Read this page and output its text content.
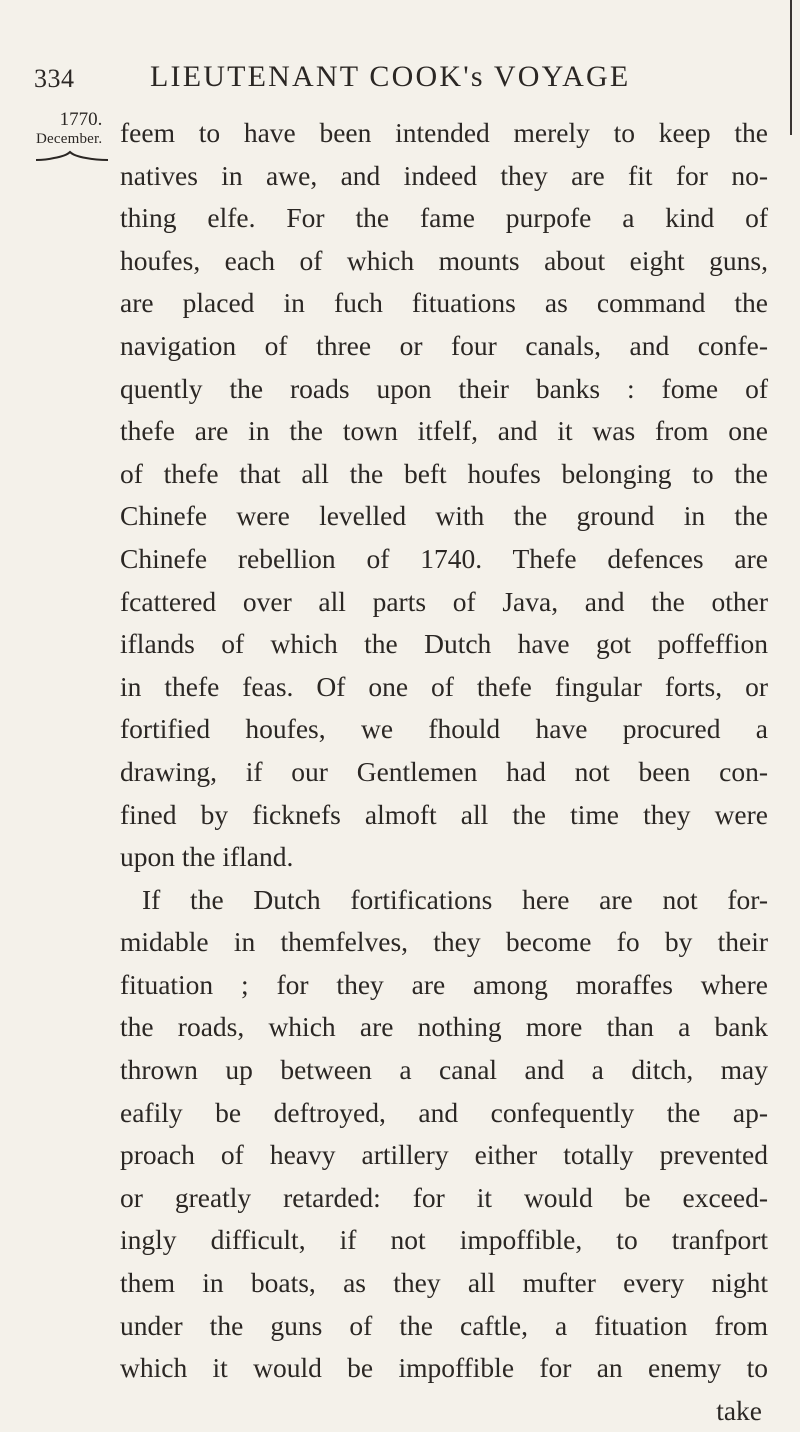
334	LIEUTENANT COOK's VOYAGE
1770.
December. feem to have been intended merely to keep the
natives in awe, and indeed they are fit for no-
thing elfe. For the fame purpofe a kind of
houfes, each of which mounts about eight guns,
are placed in fuch fituations as command the
navigation of three or four canals, and confe-
quently the roads upon their banks : fome of
thefe are in the town itfelf, and it was from one
of thefe that all the beft houfes belonging to the
Chinefe were levelled with the ground in the
Chinefe rebellion of 1740. Thefe defences are
fcattered over all parts of Java, and the other
iflands of which the Dutch have got poffeffion
in thefe feas. Of one of thefe fingular forts, or
fortified houfes, we fhould have procured a
drawing, if our Gentlemen had not been con-
fined by ficknefs almoft all the time they were
upon the ifland.
If the Dutch fortifications here are not for-
midable in themfelves, they become fo by their
fituation ; for they are among moraffes where
the roads, which are nothing more than a bank
thrown up between a canal and a ditch, may
eafily be deftroyed, and confequently the ap-
proach of heavy artillery either totally prevented
or greatly retarded: for it would be exceed-
ingly difficult, if not impoffible, to tranfport
them in boats, as they all mufter every night
under the guns of the caftle, a fituation from
which it would be impoffible for an enemy to
take
